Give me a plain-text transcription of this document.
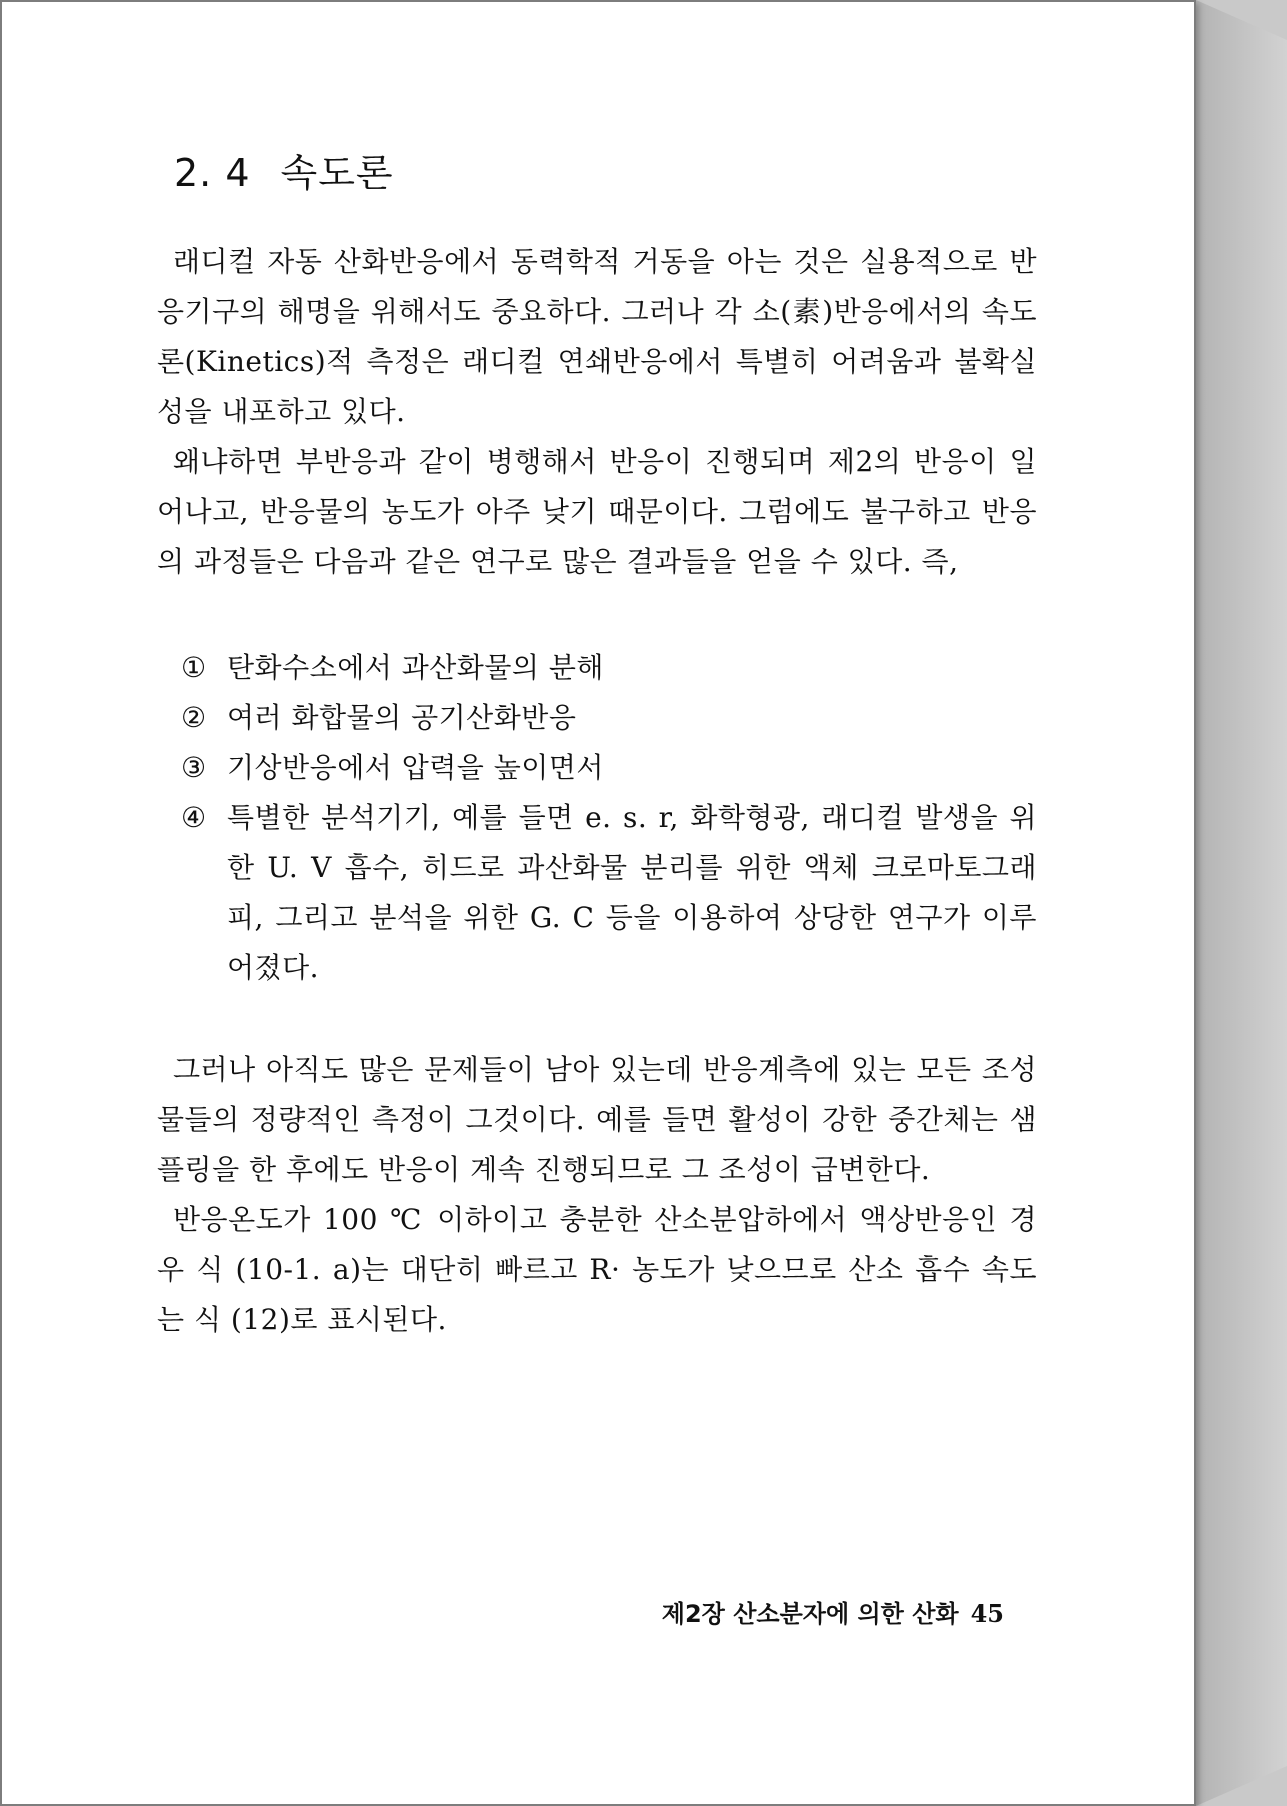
2. 4 속도론

래디컬 자동 산화반응에서 동력학적 거동을 아는 것은 실용적으로 반응기구의 해명을 위해서도 중요하다. 그러나 각 소(素)반응에서의 속도론(Kinetics)적 측정은 래디컬 연쇄반응에서 특별히 어려움과 불확실성을 내포하고 있다.

왜냐하면 부반응과 같이 병행해서 반응이 진행되며 제2의 반응이 일어나고, 반응물의 농도가 아주 낮기 때문이다. 그럼에도 불구하고 반응의 과정들은 다음과 같은 연구로 많은 결과들을 얻을 수 있다. 즉,

① 탄화수소에서 과산화물의 분해
② 여러 화합물의 공기산화반응
③ 기상반응에서 압력을 높이면서
④ 특별한 분석기기, 예를 들면 e. s. r, 화학형광, 래디컬 발생을 위한 U. V 흡수, 히드로 과산화물 분리를 위한 액체 크로마토그래피, 그리고 분석을 위한 G. C 등을 이용하여 상당한 연구가 이루어졌다.

그러나 아직도 많은 문제들이 남아 있는데 반응계측에 있는 모든 조성물들의 정량적인 측정이 그것이다. 예를 들면 활성이 강한 중간체는 샘플링을 한 후에도 반응이 계속 진행되므로 그 조성이 급변한다.

반응온도가 100 ℃ 이하이고 충분한 산소분압하에서 액상반응인 경우 식 (10-1. a)는 대단히 빠르고 R· 농도가 낮으므로 산소 흡수 속도는 식 (12)로 표시된다.

제2장 산소분자에 의한 산화 45
